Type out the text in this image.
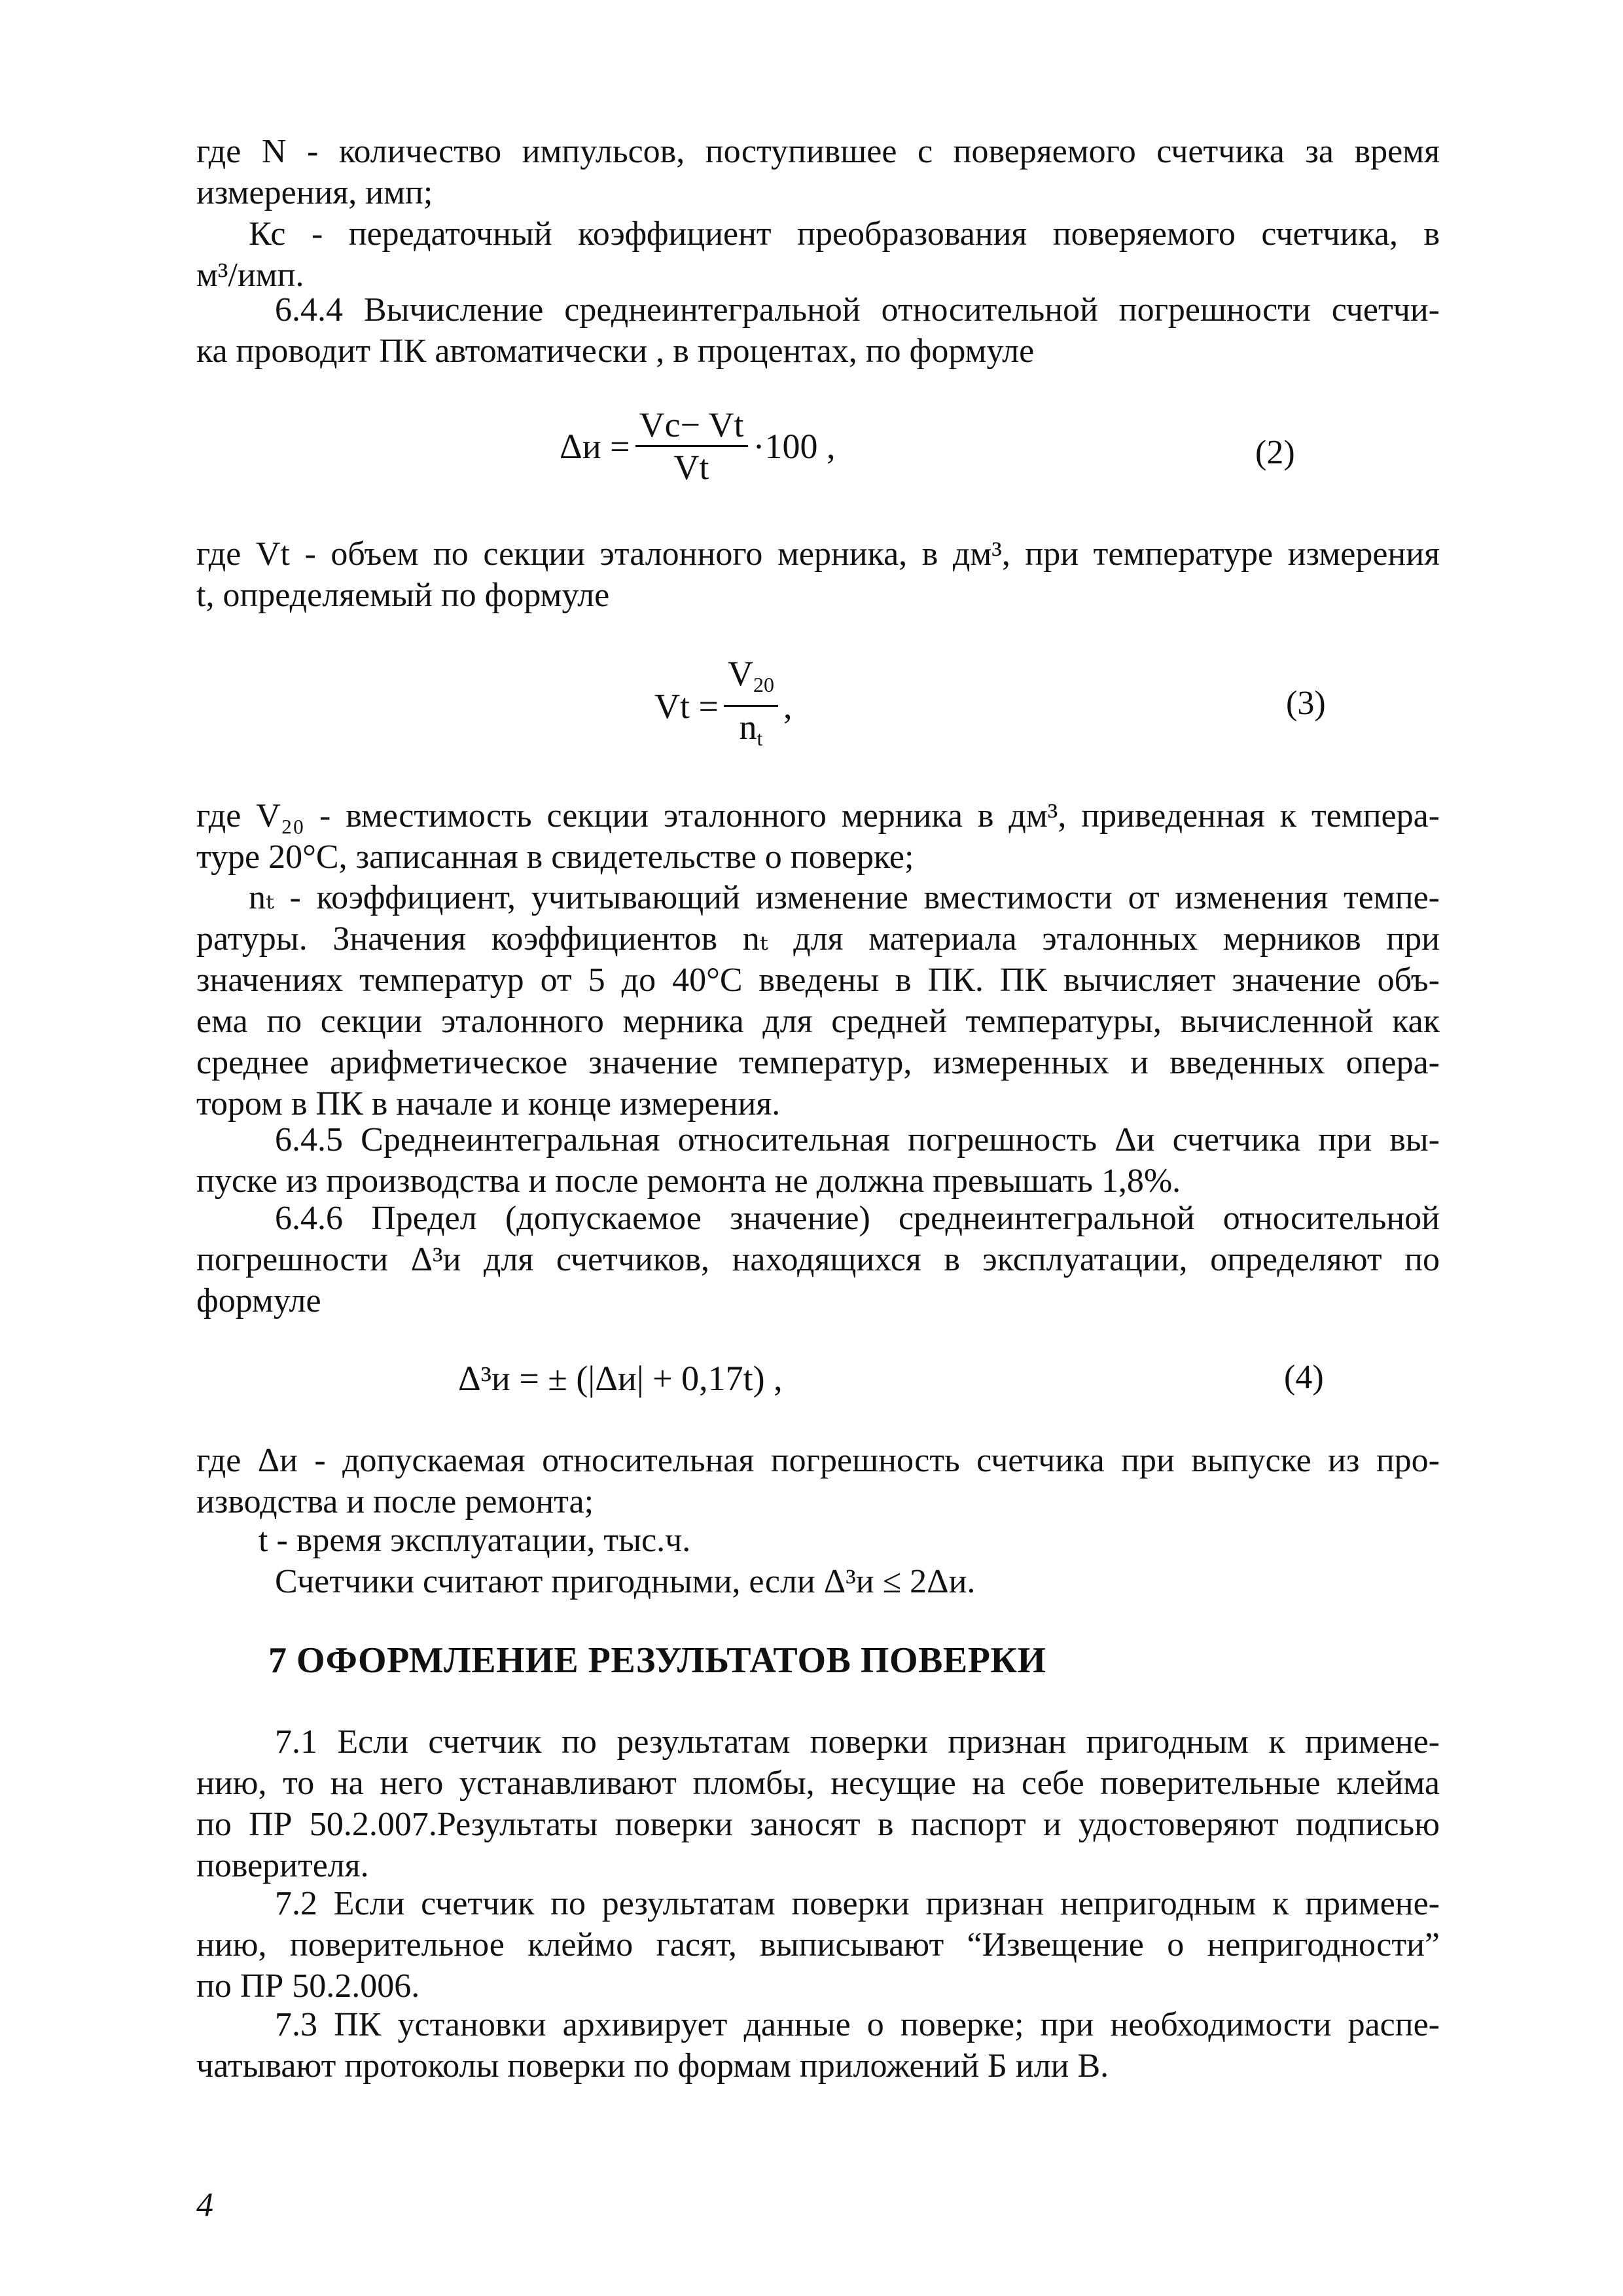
где N - количество импульсов, поступившее с поверяемого счетчика за время
измерения, имп;

Кс - передаточный коэффициент преобразования поверяемого счетчика, в
м³/имп.

6.4.4 Вычисление среднеинтегральной относительной погрешности счетчи-
ка проводит ПК автоматически , в процентах, по формуле

$\Delta и = \frac{Vc- Vt}{Vt} \cdot 100$ ,	(2)

где Vt - объем по секции эталонного мерника, в дм³, при температуре измерения
t, определяемый по формуле

$Vt = \frac{V_{20}}{n_t}$ ,	(3)

где V₂₀ - вместимость секции эталонного мерника в дм³, приведенная к темпера-
туре 20°С, записанная в свидетельстве о поверке;

nₜ - коэффициент, учитывающий изменение вместимости от изменения темпе-
ратуры. Значения коэффициентов nₜ для материала эталонных мерников при
значениях температур от 5 до 40°С введены в ПК. ПК вычисляет значение объ-
ема по секции эталонного мерника для средней температуры, вычисленной как
среднее арифметическое значение температур, измеренных и введенных опера-
тором в ПК в начале и конце измерения.

6.4.5 Среднеинтегральная относительная погрешность Δи счетчика при вы-
пуске из производства и после ремонта не должна превышать 1,8%.

6.4.6 Предел (допускаемое значение) среднеинтегральной относительной
погрешности Δ³и для счетчиков, находящихся в эксплуатации, определяют по
формуле

Δ³и = ± (|Δи| + 0,17t) ,	(4)

где Δи - допускаемая относительная погрешность счетчика при выпуске из про-
изводства и после ремонта;

t - время эксплуатации, тыс.ч.

Счетчики считают пригодными, если Δ³и ≤ 2Δи.

7 ОФОРМЛЕНИЕ РЕЗУЛЬТАТОВ ПОВЕРКИ

7.1 Если счетчик по результатам поверки признан пригодным к примене-
нию, то на него устанавливают пломбы, несущие на себе поверительные клейма
по ПР 50.2.007.Результаты поверки заносят в паспорт и удостоверяют подписью
поверителя.

7.2 Если счетчик по результатам поверки признан непригодным к примене-
нию, поверительное клеймо гасят, выписывают “Извещение о непригодности”
по ПР 50.2.006.

7.3 ПК установки архивирует данные о поверке; при необходимости распе-
чатывают протоколы поверки по формам приложений Б или В.

4
